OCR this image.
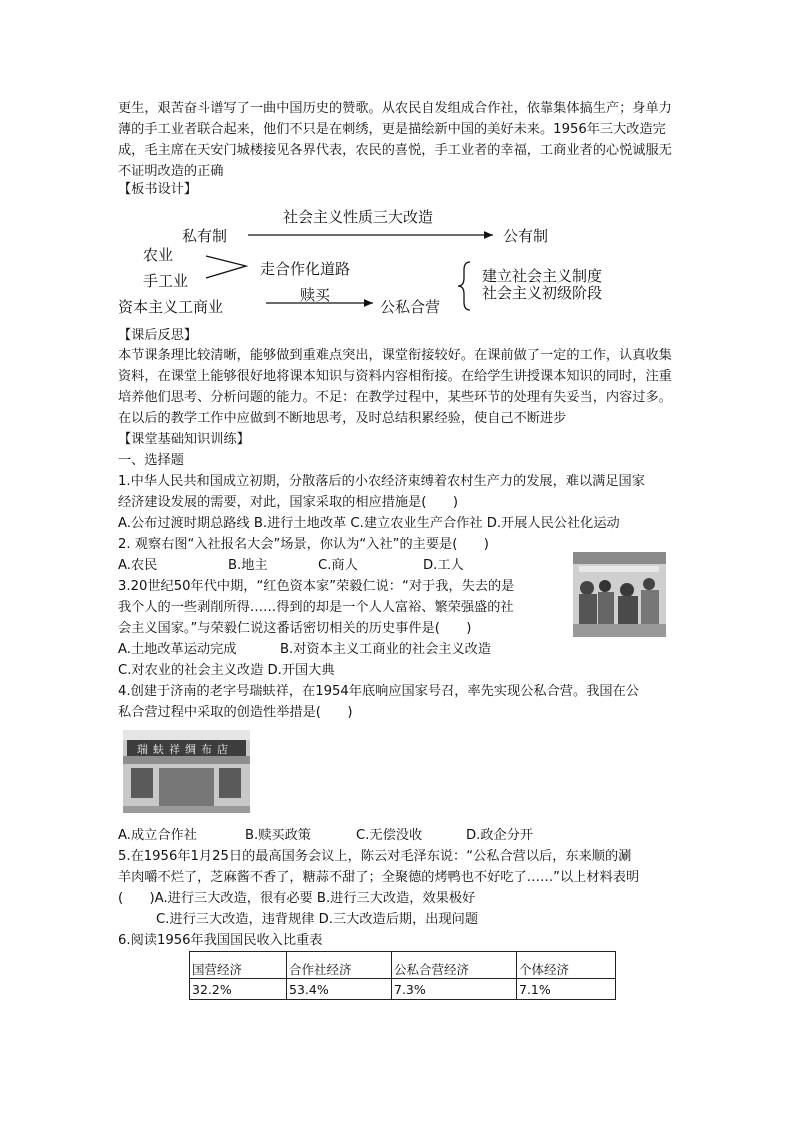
更生，艰苦奋斗谱写了一曲中国历史的赞歌。从农民自发组成合作社，依靠集体搞生产；身单力薄的手工业者联合起来，他们不只是在刺绣，更是描绘新中国的美好未来。1956年三大改造完成，毛主席在天安门城楼接见各界代表，农民的喜悦，手工业者的幸福，工商业者的心悦诚服无不证明改造的正确

【板书设计】

社会主义性质三大改造
私有制	公有制
农业
手工业
走合作化道路
资本主义工商业
赎买
公私合营
建立社会主义制度
社会主义初级阶段

【课后反思】

本节课条理比较清晰，能够做到重难点突出，课堂衔接较好。在课前做了一定的工作，认真收集资料，在课堂上能够很好地将课本知识与资料内容相衔接。在给学生讲授课本知识的同时，注重培养他们思考、分析问题的能力。不足：在教学过程中，某些环节的处理有失妥当，内容过多。在以后的教学工作中应做到不断地思考，及时总结积累经验，使自己不断进步

【课堂基础知识训练】

一、选择题

1.中华人民共和国成立初期，分散落后的小农经济束缚着农村生产力的发展，难以满足国家

经济建设发展的需要，对此，国家采取的相应措施是(　　)

A.公布过渡时期总路线 B.进行土地改革 C.建立农业生产合作社 D.开展人民公社化运动

2. 观察右图“入社报名大会”场景，你认为“入社”的主要是(　　)

A.农民	B.地主	C.商人	D.工人

3.20世纪50年代中期，“红色资本家”荣毅仁说：“对于我，失去的是

我个人的一些剥削所得……得到的却是一个人人富裕、繁荣强盛的社

会主义国家。”与荣毅仁说这番话密切相关的历史事件是(　　)

A.土地改革运动完成	B.对资本主义工商业的社会主义改造

C.对农业的社会主义改造 D.开国大典

4.创建于济南的老字号瑞蚨祥，在1954年底响应国家号召，率先实现公私合营。我国在公

私合营过程中采取的创造性举措是(　　)

瑞蚨祥绸布店
A.成立合作社	B.赎买政策	C.无偿没收	D.政企分开

5.在1956年1月25日的最高国务会议上，陈云对毛泽东说：“公私合营以后，东来顺的涮

羊肉嚼不烂了，芝麻酱不香了，糖蒜不甜了；全聚德的烤鸭也不好吃了……”以上材料表明

(　　)A.进行三大改造，很有必要 B.进行三大改造，效果极好

C.进行三大改造，违背规律 D.三大改造后期，出现问题

6.阅读1956年我国国民收入比重表

国营经济	合作社经济	公私合营经济	个体经济
32.2%	53.4%	7.3%	7.1%
